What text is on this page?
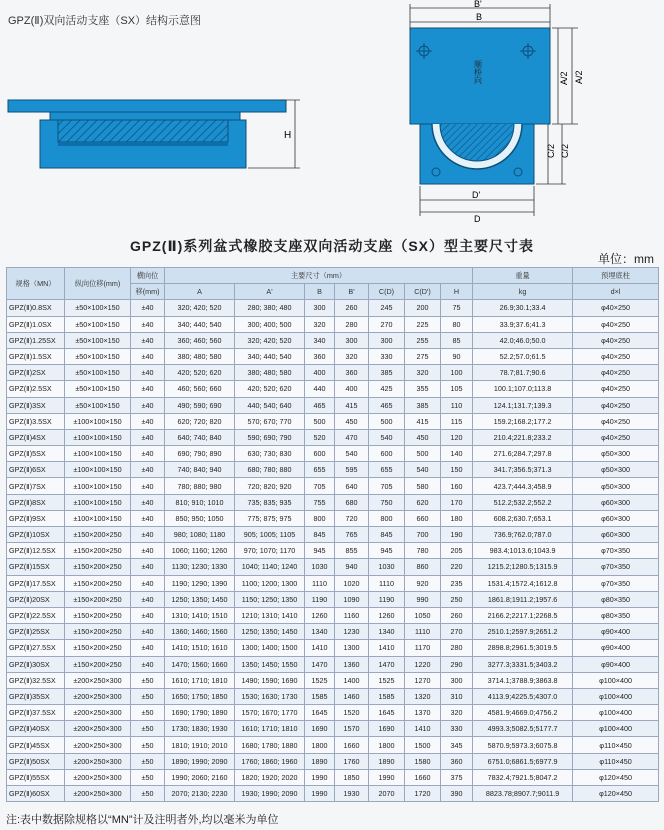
GPZ(Ⅱ)双向活动支座（SX）结构示意图
H
顺桥向
B'
B
A/2 A/2
C/2 C/2
D'
D
GPZ(Ⅱ)系列盆式橡胶支座双向活动支座（SX）型主要尺寸表
单位：mm
规格（MN）	纵向位移(mm)	横向位	主要尺寸（mm）							重量	预埋底柱
		移(mm)	A	A'	B	B'	C(D)	C(D')	H	kg	d×l
GPZ(Ⅱ)0.8SX	±50×100×150	±40	320; 420; 520	280; 380; 480	300	260	245	200	75	26.9;30.1;33.4	φ40×250
GPZ(Ⅱ)1.0SX	±50×100×150	±40	340; 440; 540	300; 400; 500	320	280	270	225	80	33.9;37.6;41.3	φ40×250
GPZ(Ⅱ)1.25SX	±50×100×150	±40	360; 460; 560	320; 420; 520	340	300	300	255	85	42.0;46.0;50.0	φ40×250
GPZ(Ⅱ)1.5SX	±50×100×150	±40	380; 480; 580	340; 440; 540	360	320	330	275	90	52.2;57.0;61.5	φ40×250
GPZ(Ⅱ)2SX	±50×100×150	±40	420; 520; 620	380; 480; 580	400	360	385	320	100	78.7;81.7;90.6	φ40×250
GPZ(Ⅱ)2.5SX	±50×100×150	±40	460; 560; 660	420; 520; 620	440	400	425	355	105	100.1;107.0;113.8	φ40×250
GPZ(Ⅱ)3SX	±50×100×150	±40	490; 590; 690	440; 540; 640	465	415	465	385	110	124.1;131.7;139.3	φ40×250
GPZ(Ⅱ)3.5SX	±100×100×150	±40	620; 720; 820	570; 670; 770	500	450	500	415	115	159.2;168.2;177.2	φ40×250
GPZ(Ⅱ)4SX	±100×100×150	±40	640; 740; 840	590; 690; 790	520	470	540	450	120	210.4;221.8;233.2	φ40×250
GPZ(Ⅱ)5SX	±100×100×150	±40	690; 790; 890	630; 730; 830	600	540	600	500	140	271.6;284.7;297.8	φ50×300
GPZ(Ⅱ)6SX	±100×100×150	±40	740; 840; 940	680; 780; 880	655	595	655	540	150	341.7;356.5;371.3	φ50×300
GPZ(Ⅱ)7SX	±100×100×150	±40	780; 880; 980	720; 820; 920	705	640	705	580	160	423.7;444.3;458.9	φ50×300
GPZ(Ⅱ)8SX	±100×100×150	±40	810; 910; 1010	735; 835; 935	755	680	750	620	170	512.2;532.2;552.2	φ60×300
GPZ(Ⅱ)9SX	±100×100×150	±40	850; 950; 1050	775; 875; 975	800	720	800	660	180	608.2;630.7;653.1	φ60×300
GPZ(Ⅱ)10SX	±150×200×250	±40	980; 1080; 1180	905; 1005; 1105	845	765	845	700	190	736.9;762.0;787.0	φ60×300
GPZ(Ⅱ)12.5SX	±150×200×250	±40	1060; 1160; 1260	970; 1070; 1170	945	855	945	780	205	983.4;1013.6;1043.9	φ70×350
GPZ(Ⅱ)15SX	±150×200×250	±40	1130; 1230; 1330	1040; 1140; 1240	1030	940	1030	860	220	1215.2;1280.5;1315.9	φ70×350
GPZ(Ⅱ)17.5SX	±150×200×250	±40	1190; 1290; 1390	1100; 1200; 1300	1110	1020	1110	920	235	1531.4;1572.4;1612.8	φ70×350
GPZ(Ⅱ)20SX	±150×200×250	±40	1250; 1350; 1450	1150; 1250; 1350	1190	1090	1190	990	250	1861.8;1911.2;1957.6	φ80×350
GPZ(Ⅱ)22.5SX	±150×200×250	±40	1310; 1410; 1510	1210; 1310; 1410	1260	1160	1260	1050	260	2166.2;2217.1;2268.5	φ80×350
GPZ(Ⅱ)25SX	±150×200×250	±40	1360; 1460; 1560	1250; 1350; 1450	1340	1230	1340	1110	270	2510.1;2597.9;2651.2	φ90×400
GPZ(Ⅱ)27.5SX	±150×200×250	±40	1410; 1510; 1610	1300; 1400; 1500	1410	1300	1410	1170	280	2898.8;2961.5;3019.5	φ90×400
GPZ(Ⅱ)30SX	±150×200×250	±40	1470; 1560; 1660	1350; 1450; 1550	1470	1360	1470	1220	290	3277.3;3331.5;3403.2	φ90×400
GPZ(Ⅱ)32.5SX	±200×250×300	±50	1610; 1710; 1810	1490; 1590; 1690	1525	1400	1525	1270	300	3714.1;3788.9;3863.8	φ100×400
GPZ(Ⅱ)35SX	±200×250×300	±50	1650; 1750; 1850	1530; 1630; 1730	1585	1460	1585	1320	310	4113.9;4225.5;4307.0	φ100×400
GPZ(Ⅱ)37.5SX	±200×250×300	±50	1690; 1790; 1890	1570; 1670; 1770	1645	1520	1645	1370	320	4581.9;4669.0;4756.2	φ100×400
GPZ(Ⅱ)40SX	±200×250×300	±50	1730; 1830; 1930	1610; 1710; 1810	1690	1570	1690	1410	330	4993.3;5082.5;5177.7	φ100×400
GPZ(Ⅱ)45SX	±200×250×300	±50	1810; 1910; 2010	1680; 1780; 1880	1800	1660	1800	1500	345	5870.9;5973.3;6075.8	φ110×450
GPZ(Ⅱ)50SX	±200×250×300	±50	1890; 1990; 2090	1760; 1860; 1960	1890	1760	1890	1580	360	6751.0;6861.5;6977.9	φ110×450
GPZ(Ⅱ)55SX	±200×250×300	±50	1990; 2060; 2160	1820; 1920; 2020	1990	1850	1990	1660	375	7832.4;7921.5;8047.2	φ120×450
GPZ(Ⅱ)60SX	±200×250×300	±50	2070; 2130; 2230	1930; 1990; 2090	1990	1930	2070	1720	390	8823.78;8907.7;9011.9	φ120×450
注:表中数据除规格以“MN”计及注明者外,均以毫米为单位
